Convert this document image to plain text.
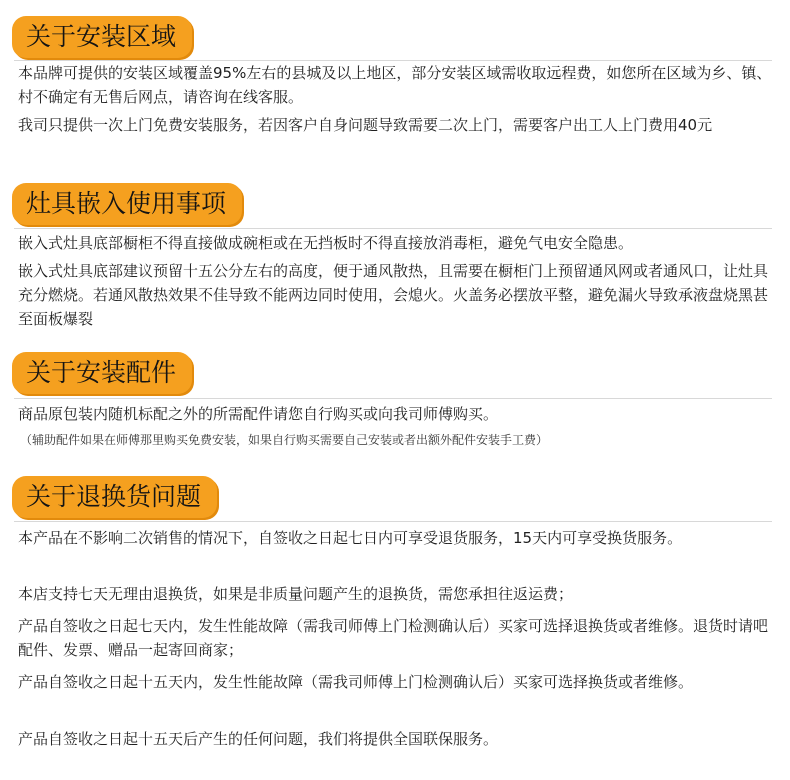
关于安装区域

本品牌可提供的安装区域覆盖95%左右的县城及以上地区，部分安装区域需收取远程费，如您所在区域为乡、镇、村不确定有无售后网点，请咨询在线客服。

我司只提供一次上门免费安装服务，若因客户自身问题导致需要二次上门，需要客户出工人上门费用40元

灶具嵌入使用事项

嵌入式灶具底部橱柜不得直接做成碗柜或在无挡板时不得直接放消毒柜，避免气电安全隐患。

嵌入式灶具底部建议预留十五公分左右的高度，便于通风散热，且需要在橱柜门上预留通风网或者通风口，让灶具充分燃烧。若通风散热效果不佳导致不能两边同时使用，会熄火。火盖务必摆放平整，避免漏火导致承液盘烧黑甚至面板爆裂

关于安装配件

商品原包装内随机标配之外的所需配件请您自行购买或向我司师傅购买。

（辅助配件如果在师傅那里购买免费安装，如果自行购买需要自己安装或者出额外配件安装手工费）

关于退换货问题

本产品在不影响二次销售的情况下，自签收之日起七日内可享受退货服务，15天内可享受换货服务。

本店支持七天无理由退换货，如果是非质量问题产生的退换货，需您承担往返运费；

产品自签收之日起七天内，发生性能故障（需我司师傅上门检测确认后）买家可选择退换货或者维修。退货时请吧配件、发票、赠品一起寄回商家；

产品自签收之日起十五天内，发生性能故障（需我司师傅上门检测确认后）买家可选择换货或者维修。

产品自签收之日起十五天后产生的任何问题，我们将提供全国联保服务。
